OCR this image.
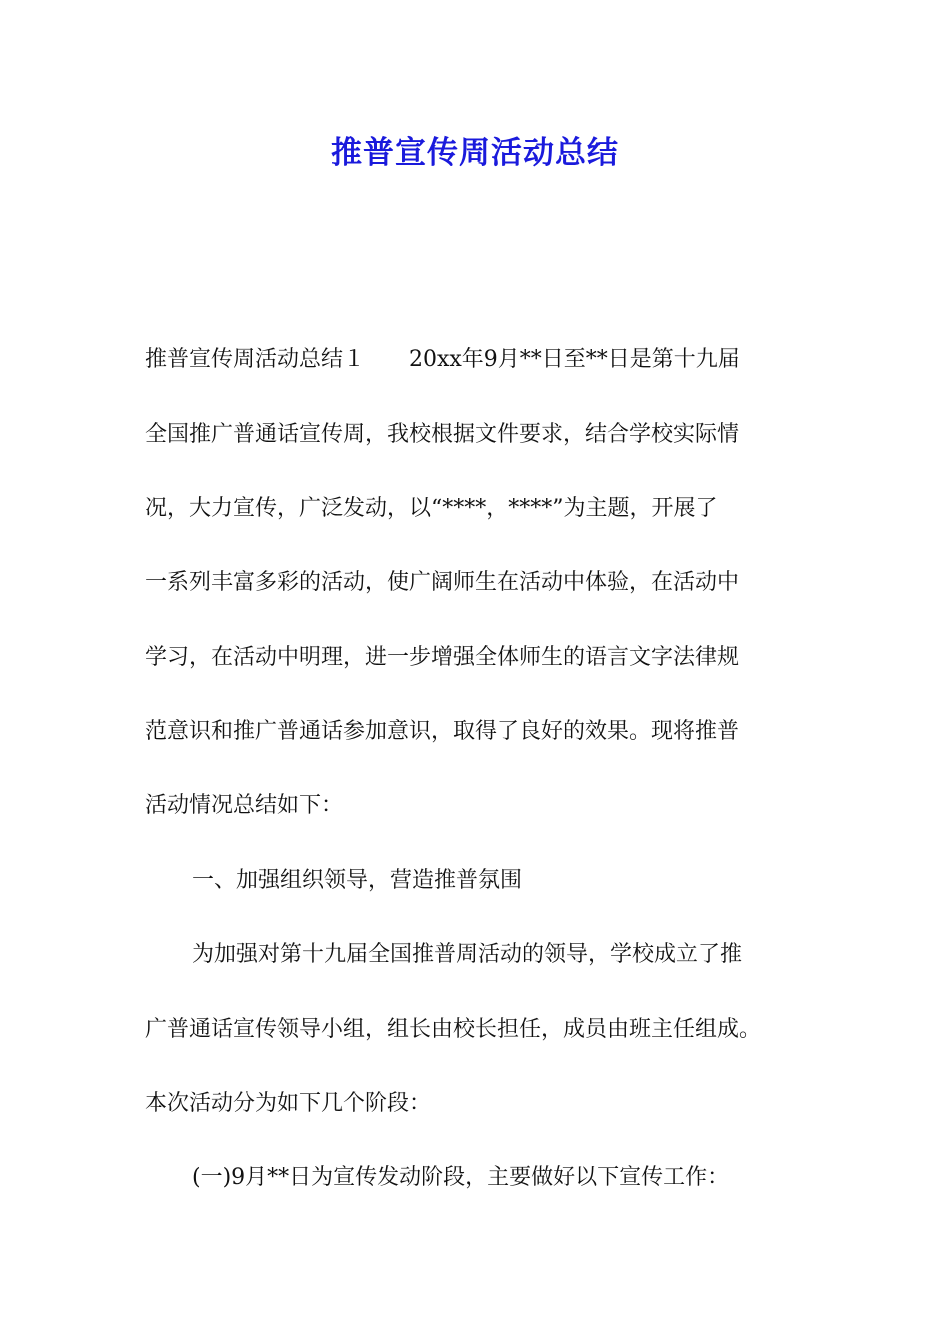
推普宣传周活动总结
推普宣传周活动总结１　　20xx年9月**日至**日是第十九届
全国推广普通话宣传周，我校根据文件要求，结合学校实际情
况，大力宣传，广泛发动，以“****，****”为主题，开展了
一系列丰富多彩的活动，使广阔师生在活动中体验，在活动中
学习，在活动中明理，进一步增强全体师生的语言文字法律规
范意识和推广普通话参加意识，取得了良好的效果。现将推普
活动情况总结如下：
一、加强组织领导，营造推普氛围
为加强对第十九届全国推普周活动的领导，学校成立了推
广普通话宣传领导小组，组长由校长担任，成员由班主任组成。
本次活动分为如下几个阶段：
(一)9月**日为宣传发动阶段，主要做好以下宣传工作：
